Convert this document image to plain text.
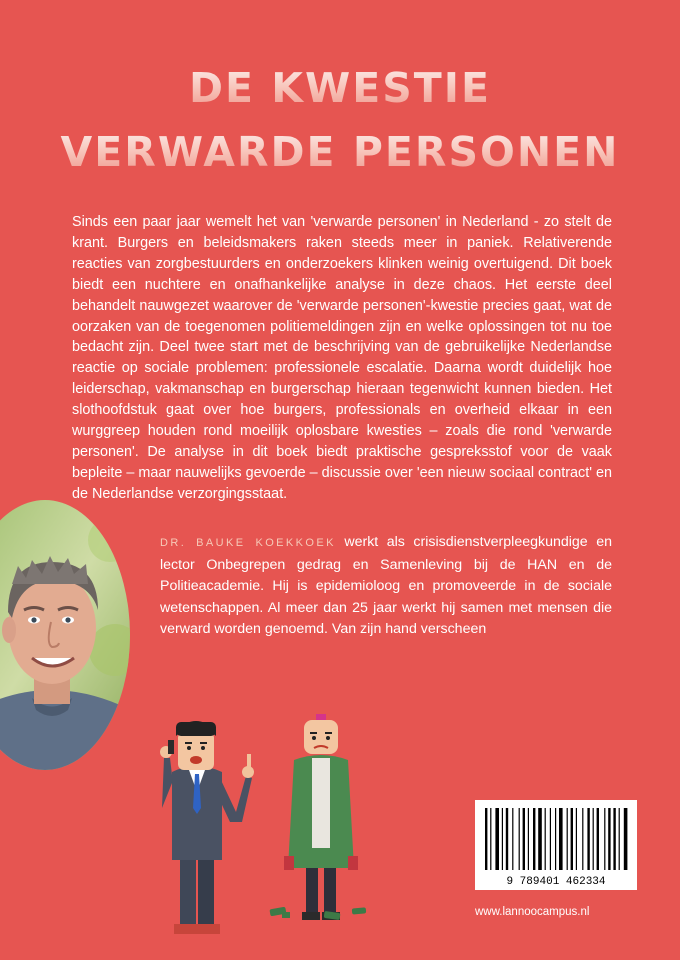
DE KWESTIE
VERWARDE PERSONEN

Sinds een paar jaar wemelt het van 'verwarde personen' in Nederland - zo stelt de krant. Burgers en beleidsmakers raken steeds meer in paniek. Relativerende reacties van zorgbestuurders en onderzoekers klinken weinig overtuigend. Dit boek biedt een nuchtere en onafhankelijke analyse in deze chaos. Het eerste deel behandelt nauwgezet waarover de 'verwarde personen'-kwestie precies gaat, wat de oorzaken van de toegenomen politiemeldingen zijn en welke oplossingen tot nu toe bedacht zijn. Deel twee start met de beschrijving van de gebruikelijke Nederlandse reactie op sociale problemen: professionele escalatie. Daarna wordt duidelijk hoe leiderschap, vakmanschap en burgerschap hieraan tegenwicht kunnen bieden. Het slothoofdstuk gaat over hoe burgers, professionals en overheid elkaar in een wurggreep houden rond moeilijk oplosbare kwesties – zoals die rond 'verwarde personen'. De analyse in dit boek biedt praktische gespreksstof voor de vaak bepleite – maar nauwelijks gevoerde – discussie over 'een nieuw sociaal contract' en de Nederlandse verzorgingsstaat.

DR. BAUKE KOEKKOEK werkt als crisisdienstverpleegkundige en lector Onbegrepen gedrag en Samenleving bij de HAN en de Politieacademie. Hij is epidemioloog en promoveerde in de sociale wetenschappen. Al meer dan 25 jaar werkt hij samen met mensen die verward worden genoemd. Van zijn hand verscheen

9 789401 462334
www.lannoocampus.nl
